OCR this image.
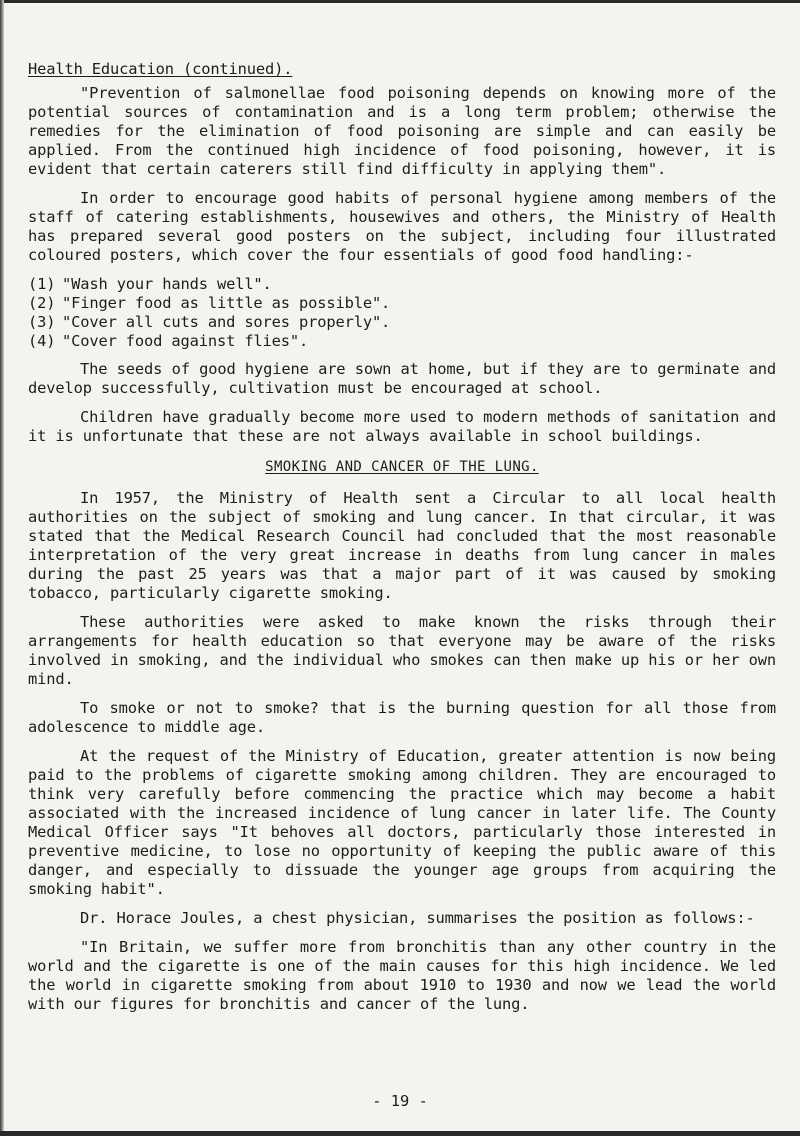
Health Education (continued).

"Prevention of salmonellae food poisoning depends on knowing more of the potential sources of contamination and is a long term problem; otherwise the remedies for the elimination of food poisoning are simple and can easily be applied. From the continued high incidence of food poisoning, however, it is evident that certain caterers still find difficulty in applying them".

In order to encourage good habits of personal hygiene among members of the staff of catering establishments, housewives and others, the Ministry of Health has prepared several good posters on the subject, including four illustrated coloured posters, which cover the four essentials of good food handling:-

(1) "Wash your hands well".
(2) "Finger food as little as possible".
(3) "Cover all cuts and sores properly".
(4) "Cover food against flies".

The seeds of good hygiene are sown at home, but if they are to germinate and develop successfully, cultivation must be encouraged at school.

Children have gradually become more used to modern methods of sanitation and it is unfortunate that these are not always available in school buildings.

SMOKING AND CANCER OF THE LUNG.

In 1957, the Ministry of Health sent a Circular to all local health authorities on the subject of smoking and lung cancer. In that circular, it was stated that the Medical Research Council had concluded that the most reasonable interpretation of the very great increase in deaths from lung cancer in males during the past 25 years was that a major part of it was caused by smoking tobacco, particularly cigarette smoking.

These authorities were asked to make known the risks through their arrangements for health education so that everyone may be aware of the risks involved in smoking, and the individual who smokes can then make up his or her own mind.

To smoke or not to smoke? that is the burning question for all those from adolescence to middle age.

At the request of the Ministry of Education, greater attention is now being paid to the problems of cigarette smoking among children. They are encouraged to think very carefully before commencing the practice which may become a habit associated with the increased incidence of lung cancer in later life. The County Medical Officer says "It behoves all doctors, particularly those interested in preventive medicine, to lose no opportunity of keeping the public aware of this danger, and especially to dissuade the younger age groups from acquiring the smoking habit".

Dr. Horace Joules, a chest physician, summarises the position as follows:-

"In Britain, we suffer more from bronchitis than any other country in the world and the cigarette is one of the main causes for this high incidence. We led the world in cigarette smoking from about 1910 to 1930 and now we lead the world with our figures for bronchitis and cancer of the lung.

- 19 -
